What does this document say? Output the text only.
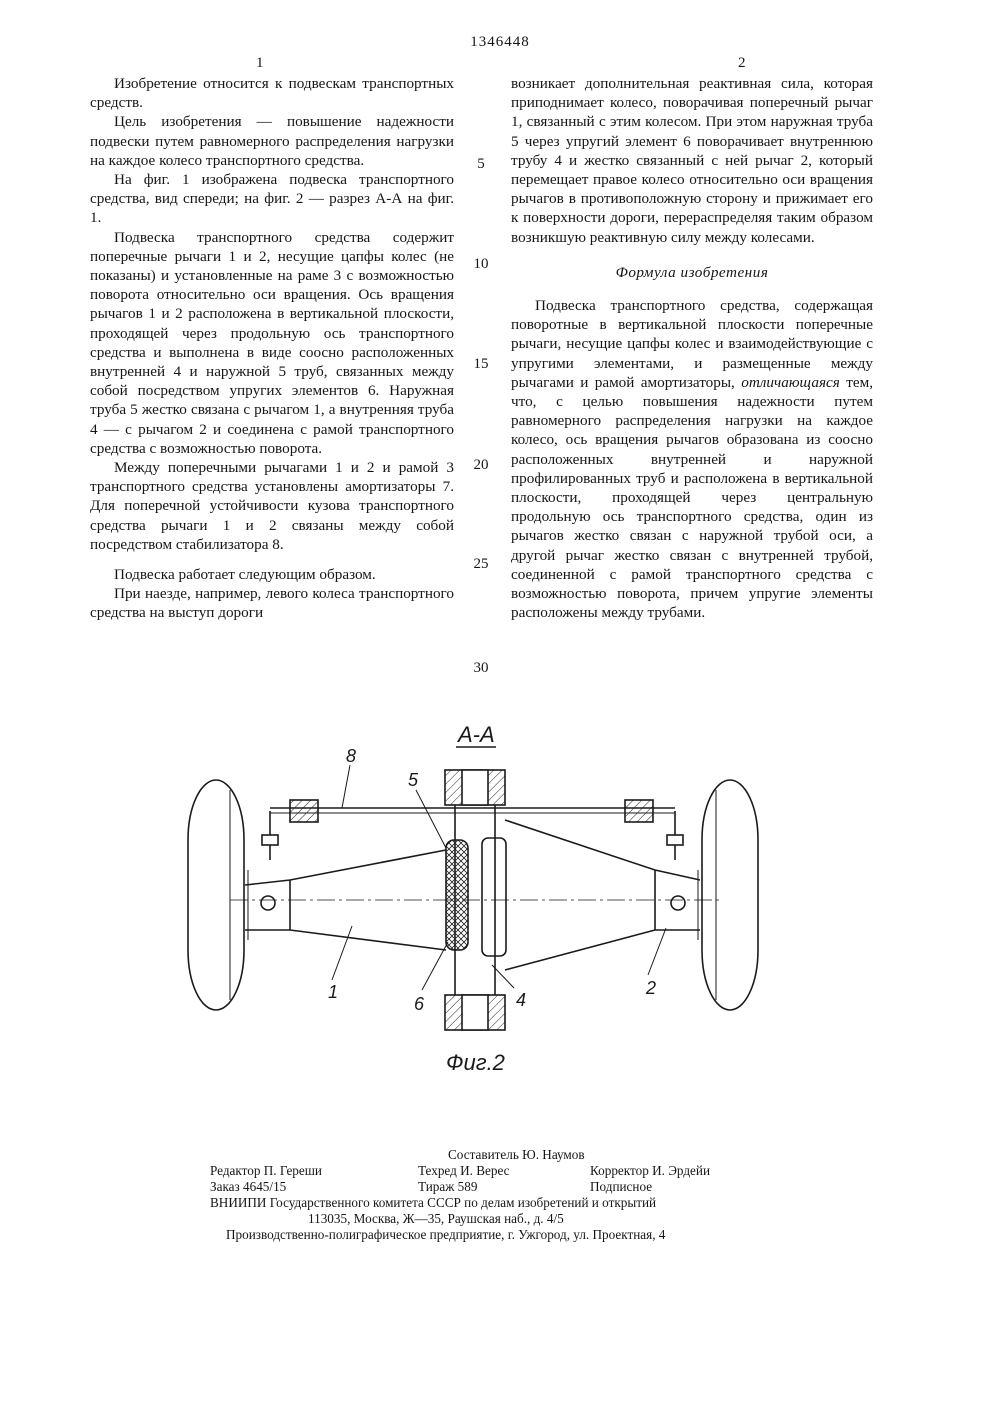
1346448
1	2

Изобретение относится к подвескам транспортных средств.

Цель изобретения — повышение надежности подвески путем равномерного распределения нагрузки на каждое колесо транспортного средства.

На фиг. 1 изображена подвеска транспортного средства, вид спереди; на фиг. 2 — разрез А-А на фиг. 1.

Подвеска транспортного средства содержит поперечные рычаги 1 и 2, несущие цапфы колес (не показаны) и установленные на раме 3 с возможностью поворота относительно оси вращения. Ось вращения рычагов 1 и 2 расположена в вертикальной плоскости, проходящей через продольную ось транспортного средства и выполнена в виде соосно расположенных внутренней 4 и наружной 5 труб, связанных между собой посредством упругих элементов 6. Наружная труба 5 жестко связана с рычагом 1, а внутренняя труба 4 — с рычагом 2 и соединена с рамой транспортного средства с возможностью поворота.

Между поперечными рычагами 1 и 2 и рамой 3 транспортного средства установлены амортизаторы 7. Для поперечной устойчивости кузова транспортного средства рычаги 1 и 2 связаны между собой посредством стабилизатора 8.

Подвеска работает следующим образом.

При наезде, например, левого колеса транспортного средства на выступ дороги

5
10
15
20
25
30

возникает дополнительная реактивная сила, которая приподнимает колесо, поворачивая поперечный рычаг 1, связанный с этим колесом. При этом наружная труба 5 через упругий элемент 6 поворачивает внутреннюю трубу 4 и жестко связанный с ней рычаг 2, который перемещает правое колесо относительно оси вращения рычагов в противоположную сторону и прижимает его к поверхности дороги, перераспределяя таким образом возникшую реактивную силу между колесами.

Формула изобретения

Подвеска транспортного средства, содержащая поворотные в вертикальной плоскости поперечные рычаги, несущие цапфы колес и взаимодействующие с упругими элементами, и размещенные между рычагами и рамой амортизаторы, отличающаяся тем, что, с целью повышения надежности путем равномерного распределения нагрузки на каждое колесо, ось вращения рычагов образована из соосно расположенных внутренней и наружной профилированных труб и расположена в вертикальной плоскости, проходящей через центральную продольную ось транспортного средства, один из рычагов жестко связан с наружной трубой оси, а другой рычаг жестко связан с внутренней трубой, соединенной с рамой транспортного средства с возможностью поворота, причем упругие элементы расположены между трубами.

А-А
8
5
6	4
1	2
Фиг.2
Составитель Ю. Наумов
Редактор П. Гереши	Техред И. Верес	Корректор И. Эрдейи
Заказ 4645/15	Тираж 589	Подписное
ВНИИПИ Государственного комитета СССР по делам изобретений и открытий
113035, Москва, Ж—35, Раушская наб., д. 4/5
Производственно-полиграфическое предприятие, г. Ужгород, ул. Проектная, 4
